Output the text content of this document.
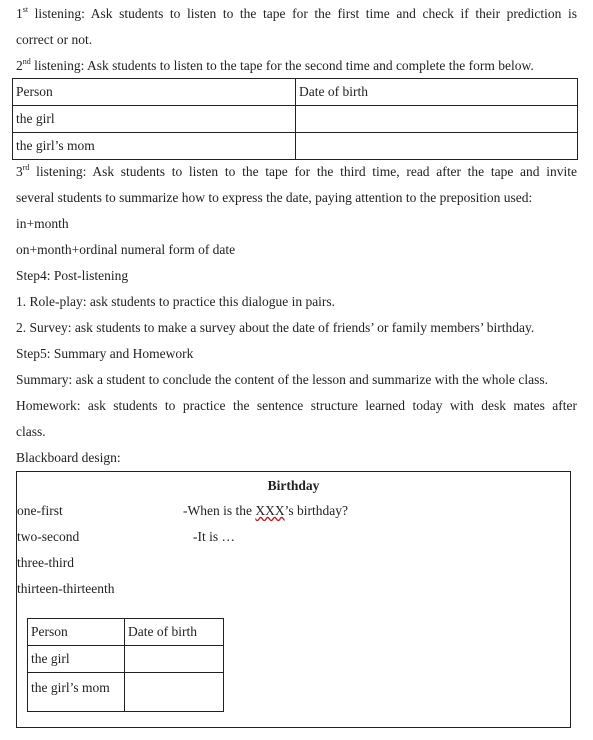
1st listening: Ask students to listen to the tape for the first time and check if their prediction is
correct or not.
2nd listening: Ask students to listen to the tape for the second time and complete the form below.
Person	Date of birth
the girl	
the girl’s mom	
3rd listening: Ask students to listen to the tape for the third time, read after the tape and invite
several students to summarize how to express the date, paying attention to the preposition used:
in+month
on+month+ordinal numeral form of date
Step4: Post-listening
1. Role-play: ask students to practice this dialogue in pairs.
2. Survey: ask students to make a survey about the date of friends’ or family members’ birthday.
Step5: Summary and Homework
Summary: ask a student to conclude the content of the lesson and summarize with the whole class.
Homework: ask students to practice the sentence structure learned today with desk mates after
class.
Blackboard design:
Birthday
one-first
two-second
three-third
thirteen-thirteenth
-When is the XXX’s birthday?
-It is …
Person	Date of birth
the girl	
the girl’s mom	
